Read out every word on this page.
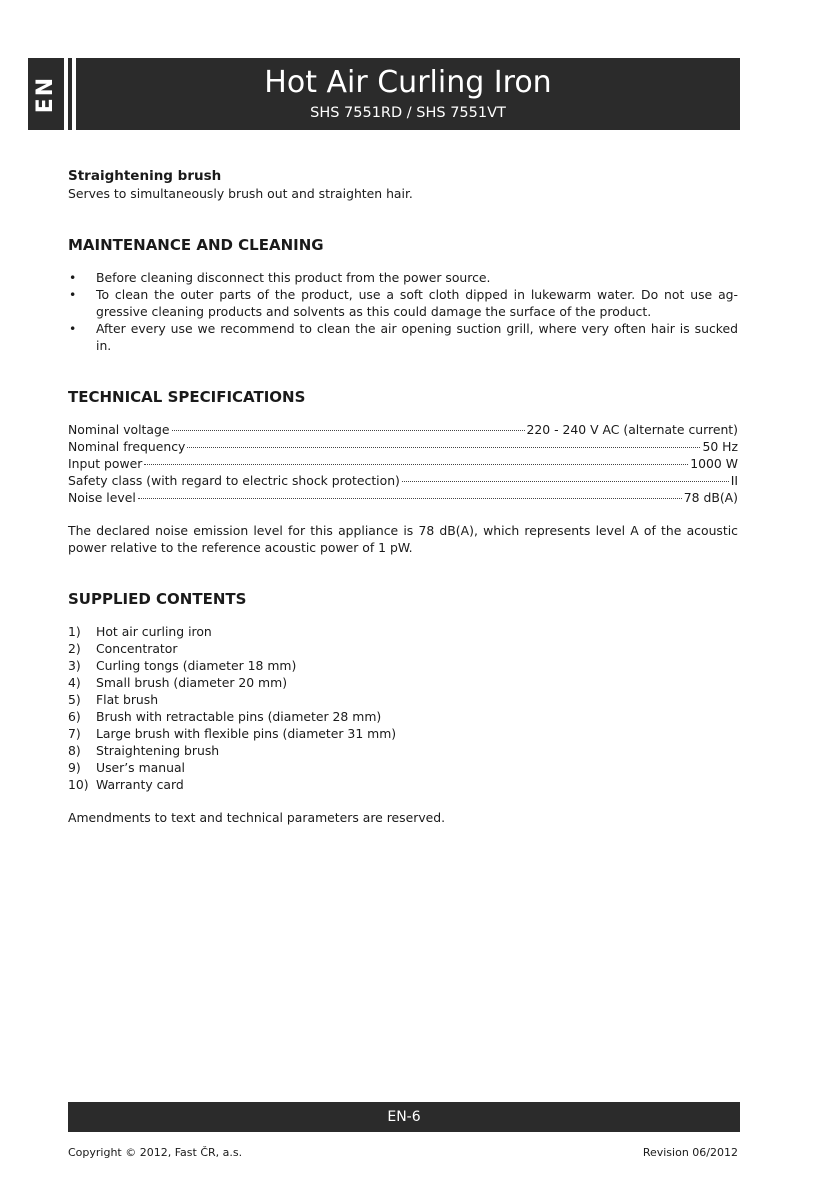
EN	Hot Air Curling Iron
SHS 7551RD / SHS 7551VT
Straightening brush
Serves to simultaneously brush out and straighten hair.
MAINTENANCE AND CLEANING
• Before cleaning disconnect this product from the power source.
• To clean the outer parts of the product, use a soft cloth dipped in lukewarm water. Do not use ag-gressive cleaning products and solvents as this could damage the surface of the product.
• After every use we recommend to clean the air opening suction grill, where very often hair is sucked in.
TECHNICAL SPECIFICATIONS
Nominal voltage	220 - 240 V AC (alternate current)
Nominal frequency	50 Hz
Input power	1000 W
Safety class (with regard to electric shock protection)	II
Noise level	78 dB(A)
The declared noise emission level for this appliance is 78 dB(A), which represents level A of the acoustic power relative to the reference acoustic power of 1 pW.
SUPPLIED CONTENTS
1)	Hot air curling iron
2)	Concentrator
3)	Curling tongs (diameter 18 mm)
4)	Small brush (diameter 20 mm)
5)	Flat brush
6)	Brush with retractable pins (diameter 28 mm)
7)	Large brush with flexible pins (diameter 31 mm)
8)	Straightening brush
9)	User’s manual
10) Warranty card
Amendments to text and technical parameters are reserved.
EN-6
Copyright © 2012, Fast ČR, a.s.	Revision 06/2012
